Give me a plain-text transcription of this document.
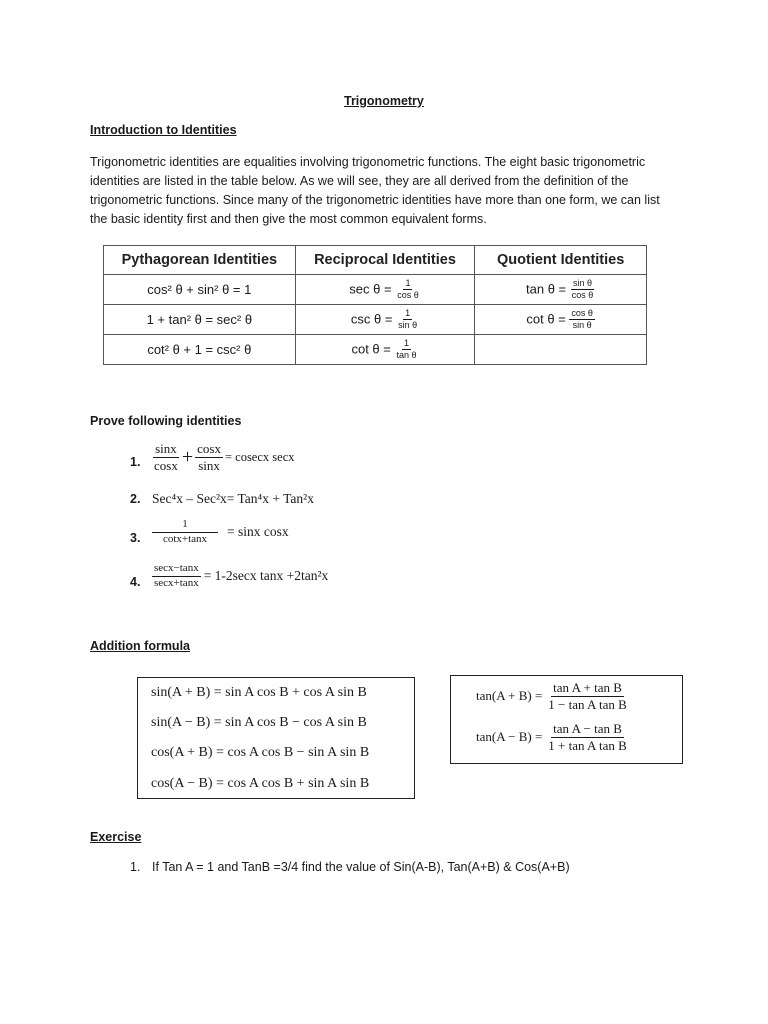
Trigonometry
Introduction to Identities
Trigonometric identities are equalities involving trigonometric functions. The eight basic trigonometric
identities are listed in the table below. As we will see, they are all derived from the definition of the
trigonometric functions. Since many of the trigonometric identities have more than one form, we can list
the basic identity first and then give the most common equivalent forms.
Pythagorean Identities	Reciprocal Identities	Quotient Identities
cos² θ + sin² θ = 1	$\sec \theta = \frac{1}{\text{cos θ}}$	$\tan \theta = \frac{\text{sin θ}}{\text{cos θ}}$

1 + tan² θ = sec² θ	$\csc \theta = \frac{1}{\text{sin θ}}$	$\cot \theta = \frac{\text{cos θ}}{\text{sin θ}}$

cot² θ + 1 = csc² θ	$\cot \theta = \frac{1}{\text{tan θ}}$

Prove following identities
1. $\frac{\sin x}{\cos x} + \frac{\cos x}{\sin x} = cosecx$ secx
2. Sec⁴x – Sec²x= Tan⁴x + Tan²x
3. $\frac{1}{\cot x+\tan x} = \sin x$ cosx
4. $\frac{\sec x-\tan x}{\sec x+\tan x} = 1-2\sec x$ tanx +2tan²x
Addition formula
sin(A + B) = sin A cos B + cos A sin B
sin(A − B) = sin A cos B − cos A sin B
cos(A + B) = cos A cos B − sin A sin B
cos(A − B) = cos A cos B + sin A sin B
$\tan(A + B) = \frac{\text{tan A + tan B}}{\text{1 − tan A tan B}}$
$\tan(A - B) = \frac{\text{tan A − tan B}}{\text{1 + tan A tan B}}$
Exercise
1. If Tan A = 1 and TanB =3/4 find the value of Sin(A-B), Tan(A+B) & Cos(A+B)
